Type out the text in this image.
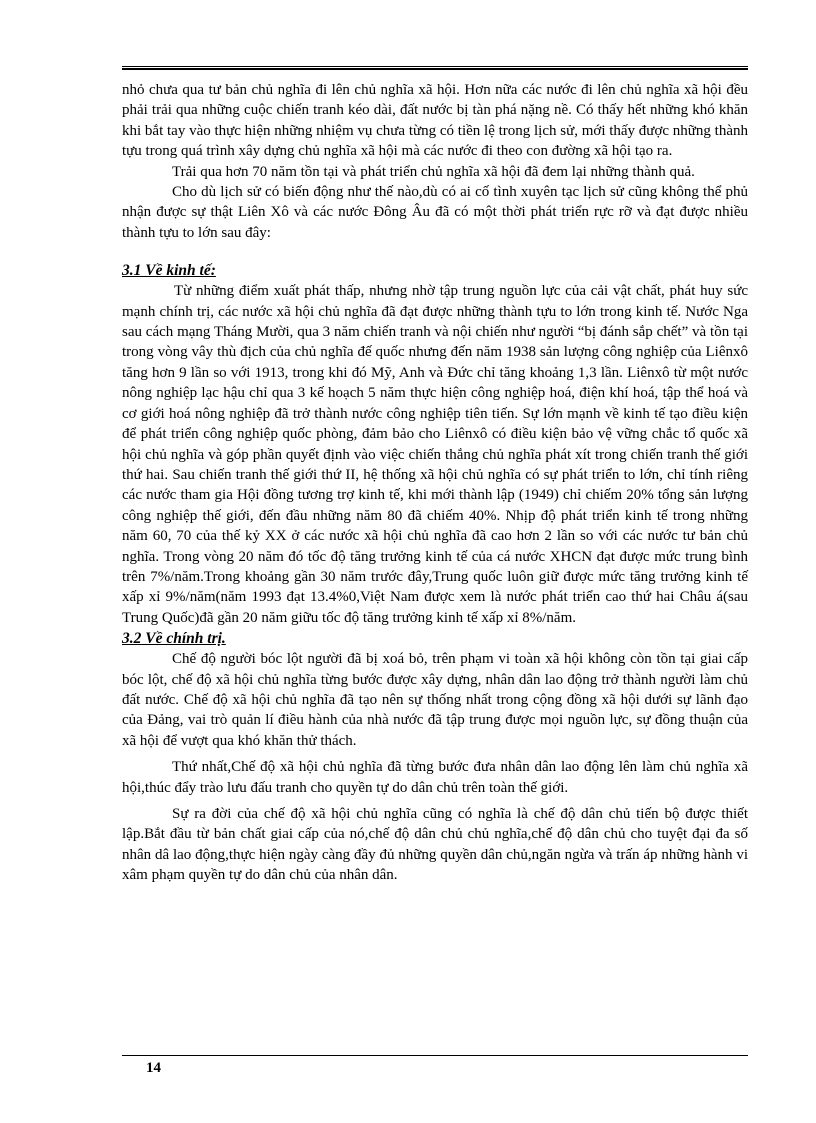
nhỏ chưa qua tư bản chủ nghĩa đi lên chủ nghĩa xã hội. Hơn nữa các nước đi lên chủ nghĩa xã hội đều phải trải qua những cuộc chiến tranh kéo dài, đất nước bị tàn phá nặng nề. Có thấy hết những khó khăn khi bắt tay vào thực hiện những nhiệm vụ chưa từng có tiền lệ trong lịch sử, mới thấy được những thành tựu trong quá trình xây dựng chủ nghĩa xã hội mà các nước đi theo con đường xã hội tạo ra.

Trải qua hơn 70 năm tồn tại và phát triển chủ nghĩa xã hội đã đem lại những thành quả.

Cho dù lịch sử có biến động như thế nào,dù có ai cố tình xuyên tạc lịch sử cũng không thể phủ nhận được sự thật Liên Xô và các nước Đông Âu đã có một thời phát triển rực rỡ và đạt được nhiều thành tựu to lớn sau đây:

3.1 Về kinh tế:

Từ những điểm xuất phát thấp, nhưng nhờ tập trung nguồn lực của cải vật chất, phát huy sức mạnh chính trị, các nước xã hội chủ nghĩa đã đạt được những thành tựu to lớn trong kinh tế. Nước Nga sau cách mạng Tháng Mười, qua 3 năm chiến tranh và nội chiến như người “bị đánh sắp chết” và tồn tại trong vòng vây thù địch của chủ nghĩa đế quốc nhưng đến năm 1938 sản lượng công nghiệp của Liênxô tăng hơn 9 lần so với 1913, trong khi đó Mỹ, Anh và Đức chỉ tăng khoảng 1,3 lần. Liênxô từ một nước nông nghiệp lạc hậu chỉ qua 3 kế hoạch 5 năm thực hiện công nghiệp hoá, điện khí hoá, tập thể hoá và cơ giới hoá nông nghiệp đã trở thành nước công nghiệp tiên tiến. Sự lớn mạnh về kinh tế tạo điều kiện để phát triển công nghiệp quốc phòng, đảm bảo cho Liênxô có điều kiện bảo vệ vững chắc tổ quốc xã hội chủ nghĩa và góp phần quyết định vào việc chiến thắng chủ nghĩa phát xít trong chiến tranh thế giới thứ hai. Sau chiến tranh thế giới thứ II, hệ thống xã hội chủ nghĩa có sự phát triển to lớn, chỉ tính riêng các nước tham gia Hội đồng tương trợ kinh tế, khi mới thành lập (1949) chỉ chiếm 20% tổng sản lượng công nghiệp thế giới, đến đầu những năm 80 đã chiếm 40%. Nhịp độ phát triển kinh tế trong những năm 60, 70 của thế kỷ XX ở các nước xã hội chủ nghĩa đã cao hơn 2 lần so với các nước tư bản chủ nghĩa. Trong vòng 20 năm đó tốc độ tăng trưởng kinh tế của cá nước XHCN đạt được mức trung bình trên 7%/năm.Trong khoảng gần 30 năm trước đây,Trung quốc luôn giữ được mức tăng trưởng kinh tế xấp xỉ 9%/năm(năm 1993 đạt 13.4%0,Việt Nam được xem là nước phát triển cao thứ hai Châu á(sau Trung Quốc)đã gần 20 năm giữu tốc độ tăng trưởng kinh tế xấp xỉ 8%/năm.

3.2 Về chính trị.

Chế độ người bóc lột người đã bị xoá bỏ, trên phạm vi toàn xã hội không còn tồn tại giai cấp bóc lột, chế độ xã hội chủ nghĩa từng bước được xây dựng, nhân dân lao động trở thành người làm chủ đất nước. Chế độ xã hội chủ nghĩa đã tạo nên sự thống nhất trong cộng đồng xã hội dưới sự lãnh đạo của Đảng, vai trò quản lí điều hành của nhà nước đã tập trung được mọi nguồn lực, sự đồng thuận của xã hội để vượt qua khó khăn thử thách.

Thứ nhất,Chế độ xã hội chủ nghĩa đã từng bước đưa nhân dân lao động lên làm chủ nghĩa xã hội,thúc đẩy trào lưu đấu tranh cho quyền tự do dân chủ trên toàn thế giới.

Sự ra đời của chế độ xã hội chủ nghĩa cũng có nghĩa là chế độ dân chủ tiến bộ được thiết lập.Bắt đầu từ bản chất giai cấp của nó,chế độ dân chủ chủ nghĩa,chế độ dân chủ cho tuyệt đại đa số nhân dâ lao động,thực hiện ngày càng đầy đủ những quyền dân chủ,ngăn ngừa và trấn áp những hành vi xâm phạm quyền tự do dân chủ của nhân dân.

14
